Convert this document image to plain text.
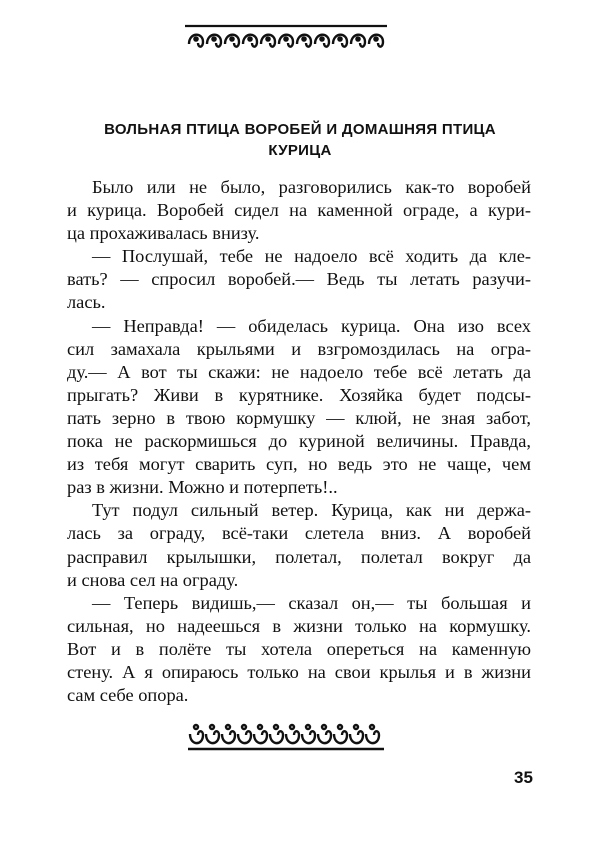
ВОЛЬНАЯ ПТИЦА ВОРОБЕЙ И ДОМАШНЯЯ ПТИЦА
КУРИЦА
Было или не было, разговорились как-то воробей
и курица. Воробей сидел на каменной ограде, а кури-
ца прохаживалась внизу.
— Послушай, тебе не надоело всё ходить да кле-
вать? — спросил воробей.— Ведь ты летать разучи-
лась.
— Неправда! — обиделась курица. Она изо всех
сил замахала крыльями и взгромоздилась на огра-
ду.— А вот ты скажи: не надоело тебе всё летать да
прыгать? Живи в курятнике. Хозяйка будет подсы-
пать зерно в твою кормушку — клюй, не зная забот,
пока не раскормишься до куриной величины. Правда,
из тебя могут сварить суп, но ведь это не чаще, чем
раз в жизни. Можно и потерпеть!..
Тут подул сильный ветер. Курица, как ни держа-
лась за ограду, всё-таки слетела вниз. А воробей
расправил крылышки, полетал, полетал вокруг да
и снова сел на ограду.
— Теперь видишь,— сказал он,— ты большая и
сильная, но надеешься в жизни только на кормушку.
Вот и в полёте ты хотела опереться на каменную
стену. А я опираюсь только на свои крылья и в жизни
сам себе опора.
35
